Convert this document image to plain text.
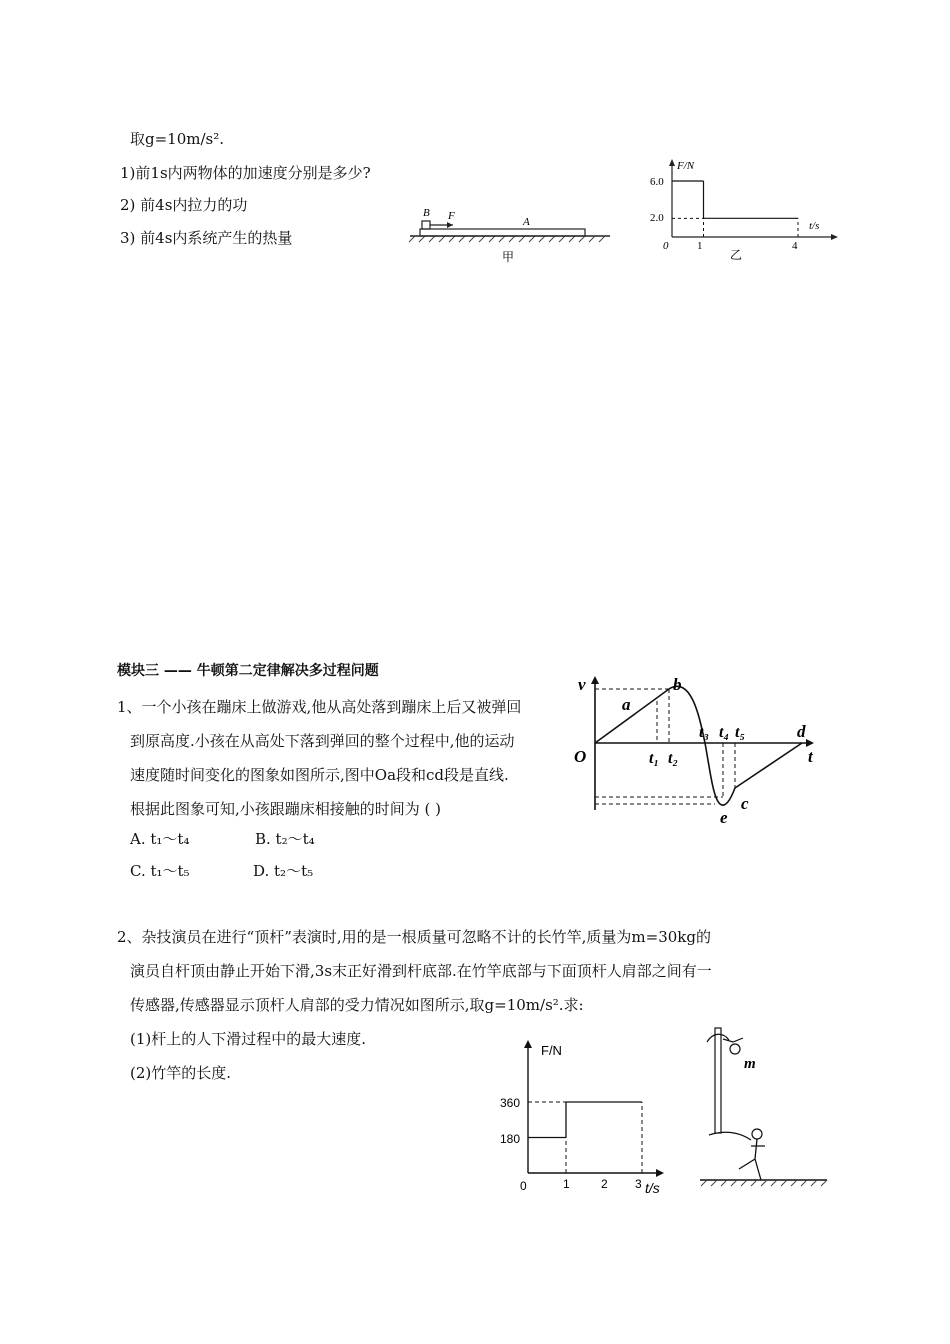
取g=10m/s².
1)前1s内两物体的加速度分别是多少?
2) 前4s内拉力的功
3) 前4s内系统产生的热量
B F	A
甲
F/N
t/s
6.0
2.0
0	1	4
乙
模块三 —— 牛顿第二定律解决多过程问题
1、一个小孩在蹦床上做游戏,他从高处落到蹦床上后又被弹回
到原高度.小孩在从高处下落到弹回的整个过程中,他的运动
速度随时间变化的图象如图所示,图中Oa段和cd段是直线.
根据此图象可知,小孩跟蹦床相接触的时间为 ( )
A. t₁～t₄	B. t₂～t₄
C. t₁～t₅	D. t₂～t₅
v
t
O
a
b
c
d
e
t₁ t₂
t₃ t₄ t₅
2、杂技演员在进行“顶杆”表演时,用的是一根质量可忽略不计的长竹竿,质量为m=30kg的
演员自杆顶由静止开始下滑,3s末正好滑到杆底部.在竹竿底部与下面顶杆人肩部之间有一
传感器,传感器显示顶杆人肩部的受力情况如图所示,取g=10m/s².求:
(1)杆上的人下滑过程中的最大速度.
(2)竹竿的长度.
F/N
t/s
360
180
0	1	2 3
m
